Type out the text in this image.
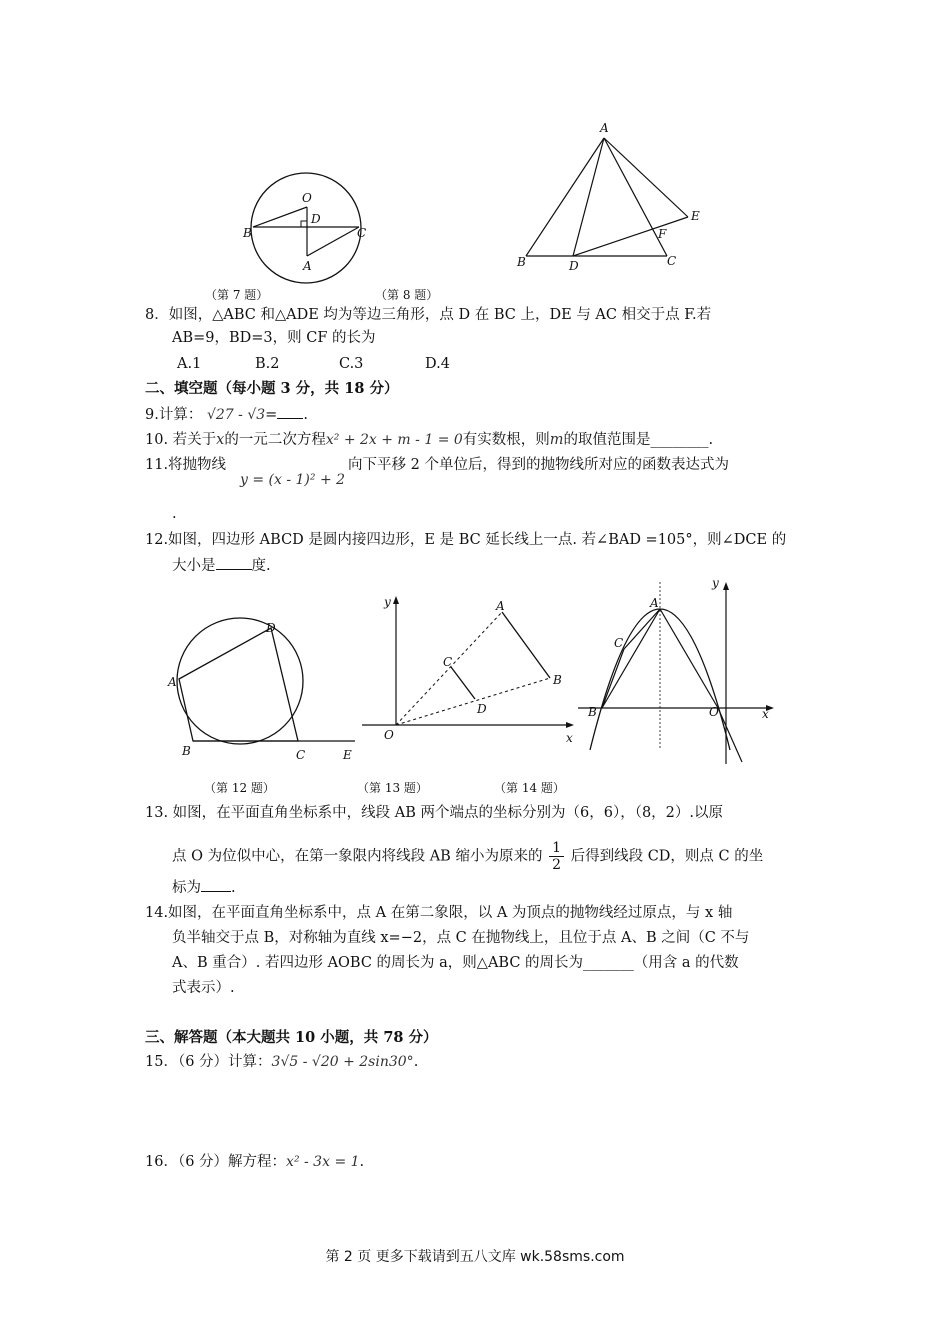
O
D
B	C
A
（第 7 题）
A
B	D	C
E
F
（第 8 题）
8．如图，△ABC 和△ADE 均为等边三角形，点 D 在 BC 上，DE 与 AC 相交于点 F.若
AB=9，BD=3，则 CF 的长为
A.1	B.2	C.3	D.4
二、填空题（每小题 3 分，共 18 分）
9.计算： √27 - √3= .
10. 若关于x的一元二次方程x² + 2x + m - 1 = 0有实数根，则m的取值范围是________.
11.将抛物线
y = (x - 1)² + 2
向下平移 2 个单位后，得到的抛物线所对应的函数表达式为
.
12.如图，四边形 ABCD 是圆内接四边形，E 是 BC 延长线上一点. 若∠BAD =105°，则∠DCE 的
大小是 度.
A
D
B	C	E
（第 12 题）
y
x
O
A
B
C
D
（第 13 题）
y
x
A
C
B	O
（第 14 题）
13. 如图，在平面直角坐标系中，线段 AB 两个端点的坐标分别为（6，6），（8，2）.以原
点 O 为位似中心，在第一象限内将线段 AB 缩小为原来的 $\frac{1}{2}$ 后得到线段 CD，则点 C 的坐
标为 .
14.如图，在平面直角坐标系中，点 A 在第二象限，以 A 为顶点的抛物线经过原点，与 x 轴
负半轴交于点 B，对称轴为直线 x=−2，点 C 在抛物线上，且位于点 A、B 之间（C 不与
A、B 重合）. 若四边形 AOBC 的周长为 a，则△ABC 的周长为_______（用含 a 的代数
式表示）.
三、解答题（本大题共 10 小题，共 78 分）
15．（6 分）计算：3√5 - √20 + 2sin30°.
16．（6 分）解方程：x² - 3x = 1.
第 2 页 更多下载请到五八文库 wk.58sms.com
